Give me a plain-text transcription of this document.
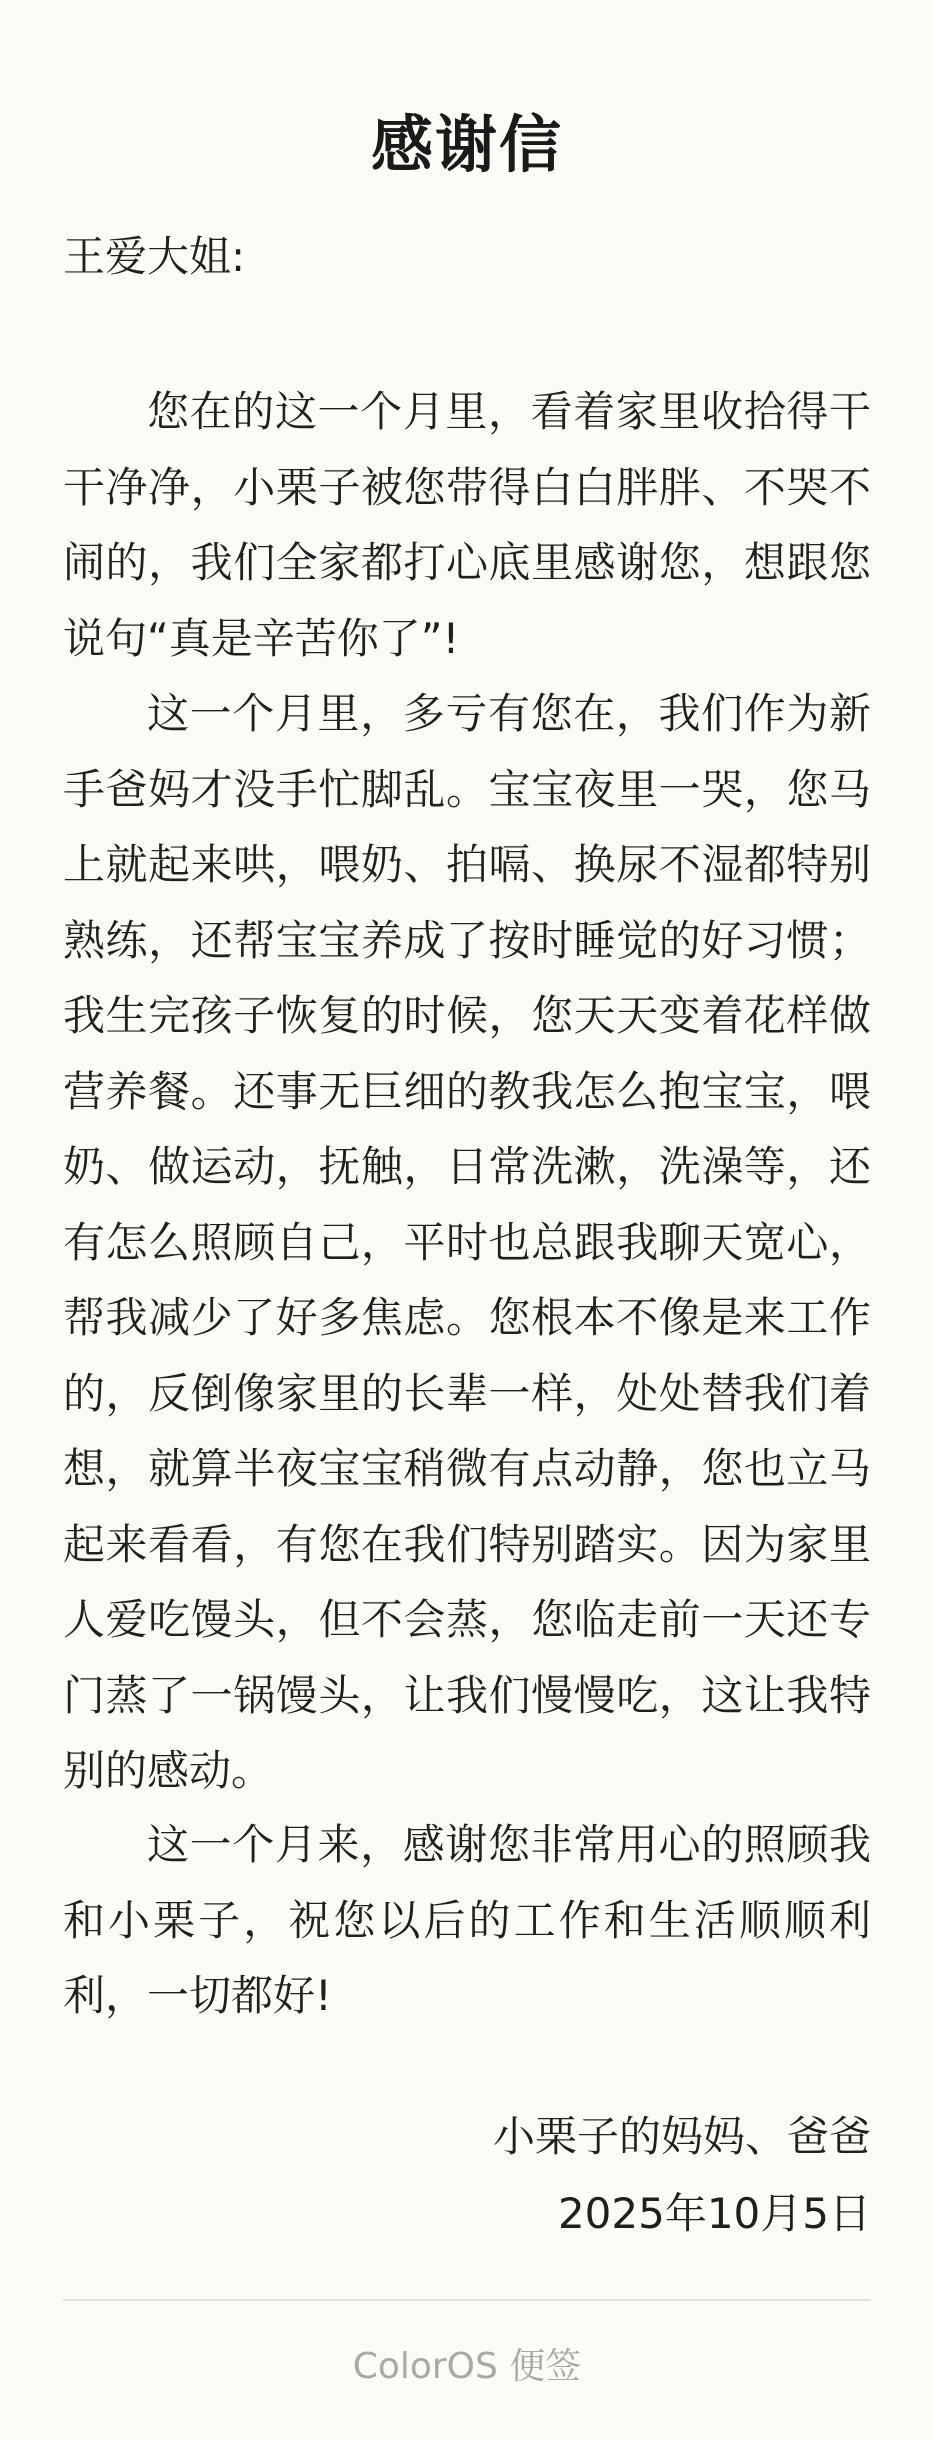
感谢信
王爱大姐:

您在的这一个月里，看着家里收拾得干干净净，小栗子被您带得白白胖胖、不哭不闹的，我们全家都打心底里感谢您，想跟您说句“真是辛苦你了”!

这一个月里，多亏有您在，我们作为新手爸妈才没手忙脚乱。宝宝夜里一哭，您马上就起来哄，喂奶、拍嗝、换尿不湿都特别熟练，还帮宝宝养成了按时睡觉的好习惯；我生完孩子恢复的时候，您天天变着花样做营养餐。还事无巨细的教我怎么抱宝宝，喂奶、做运动，抚触，日常洗漱，洗澡等，还有怎么照顾自己，平时也总跟我聊天宽心，帮我减少了好多焦虑。您根本不像是来工作的，反倒像家里的长辈一样，处处替我们着想，就算半夜宝宝稍微有点动静，您也立马起来看看，有您在我们特别踏实。因为家里人爱吃馒头，但不会蒸，您临走前一天还专门蒸了一锅馒头，让我们慢慢吃，这让我特别的感动。

这一个月来，感谢您非常用心的照顾我和小栗子，祝您以后的工作和生活顺顺利利，一切都好!

小栗子的妈妈、爸爸
2025年10月5日
ColorOS 便签
